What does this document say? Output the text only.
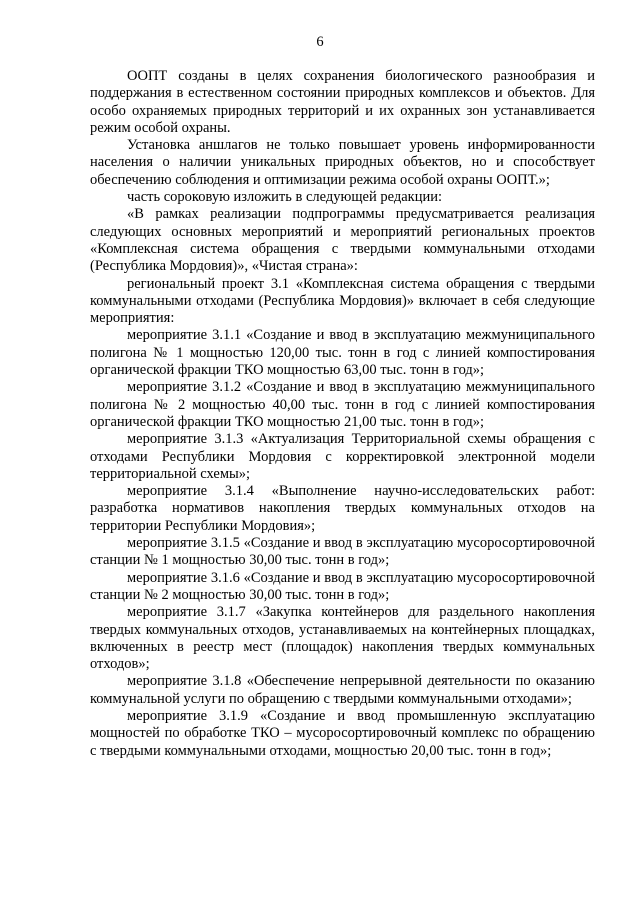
6

ООПТ созданы в целях сохранения биологического разнообразия и поддержания в естественном состоянии природных комплексов и объектов. Для особо охраняемых природных территорий и их охранных зон устанавливается режим особой охраны.

Установка аншлагов не только повышает уровень информированности населения о наличии уникальных природных объектов, но и способствует обеспечению соблюдения и оптимизации режима особой охраны ООПТ.»;

часть сороковую изложить в следующей редакции:

«В рамках реализации подпрограммы предусматривается реализация следующих основных мероприятий и мероприятий региональных проектов «Комплексная система обращения с твердыми коммунальными отходами (Республика Мордовия)», «Чистая страна»:

региональный проект 3.1 «Комплексная система обращения с твердыми коммунальными отходами (Республика Мордовия)» включает в себя следующие мероприятия:

мероприятие 3.1.1 «Создание и ввод в эксплуатацию межмуниципального полигона № 1 мощностью 120,00 тыс. тонн в год с линией компостирования органической фракции ТКО мощностью 63,00 тыс. тонн в год»;

мероприятие 3.1.2 «Создание и ввод в эксплуатацию межмуниципального полигона № 2 мощностью 40,00 тыс. тонн в год с линией компостирования органической фракции ТКО мощностью 21,00 тыс. тонн в год»;

мероприятие 3.1.3 «Актуализация Территориальной схемы обращения с отходами Республики Мордовия с корректировкой электронной модели территориальной схемы»;

мероприятие 3.1.4 «Выполнение научно-исследовательских работ: разработка нормативов накопления твердых коммунальных отходов на территории Республики Мордовия»;

мероприятие 3.1.5 «Создание и ввод в эксплуатацию мусоросортировочной станции № 1 мощностью 30,00 тыс. тонн в год»;

мероприятие 3.1.6 «Создание и ввод в эксплуатацию мусоросортировочной станции № 2 мощностью 30,00 тыс. тонн в год»;

мероприятие 3.1.7 «Закупка контейнеров для раздельного накопления твердых коммунальных отходов, устанавливаемых на контейнерных площадках, включенных в реестр мест (площадок) накопления твердых коммунальных отходов»;

мероприятие 3.1.8 «Обеспечение непрерывной деятельности по оказанию коммунальной услуги по обращению с твердыми коммунальными отходами»;

мероприятие 3.1.9 «Создание и ввод промышленную эксплуатацию мощностей по обработке ТКО – мусоросортировочный комплекс по обращению с твердыми коммунальными отходами, мощностью 20,00 тыс. тонн в год»;
